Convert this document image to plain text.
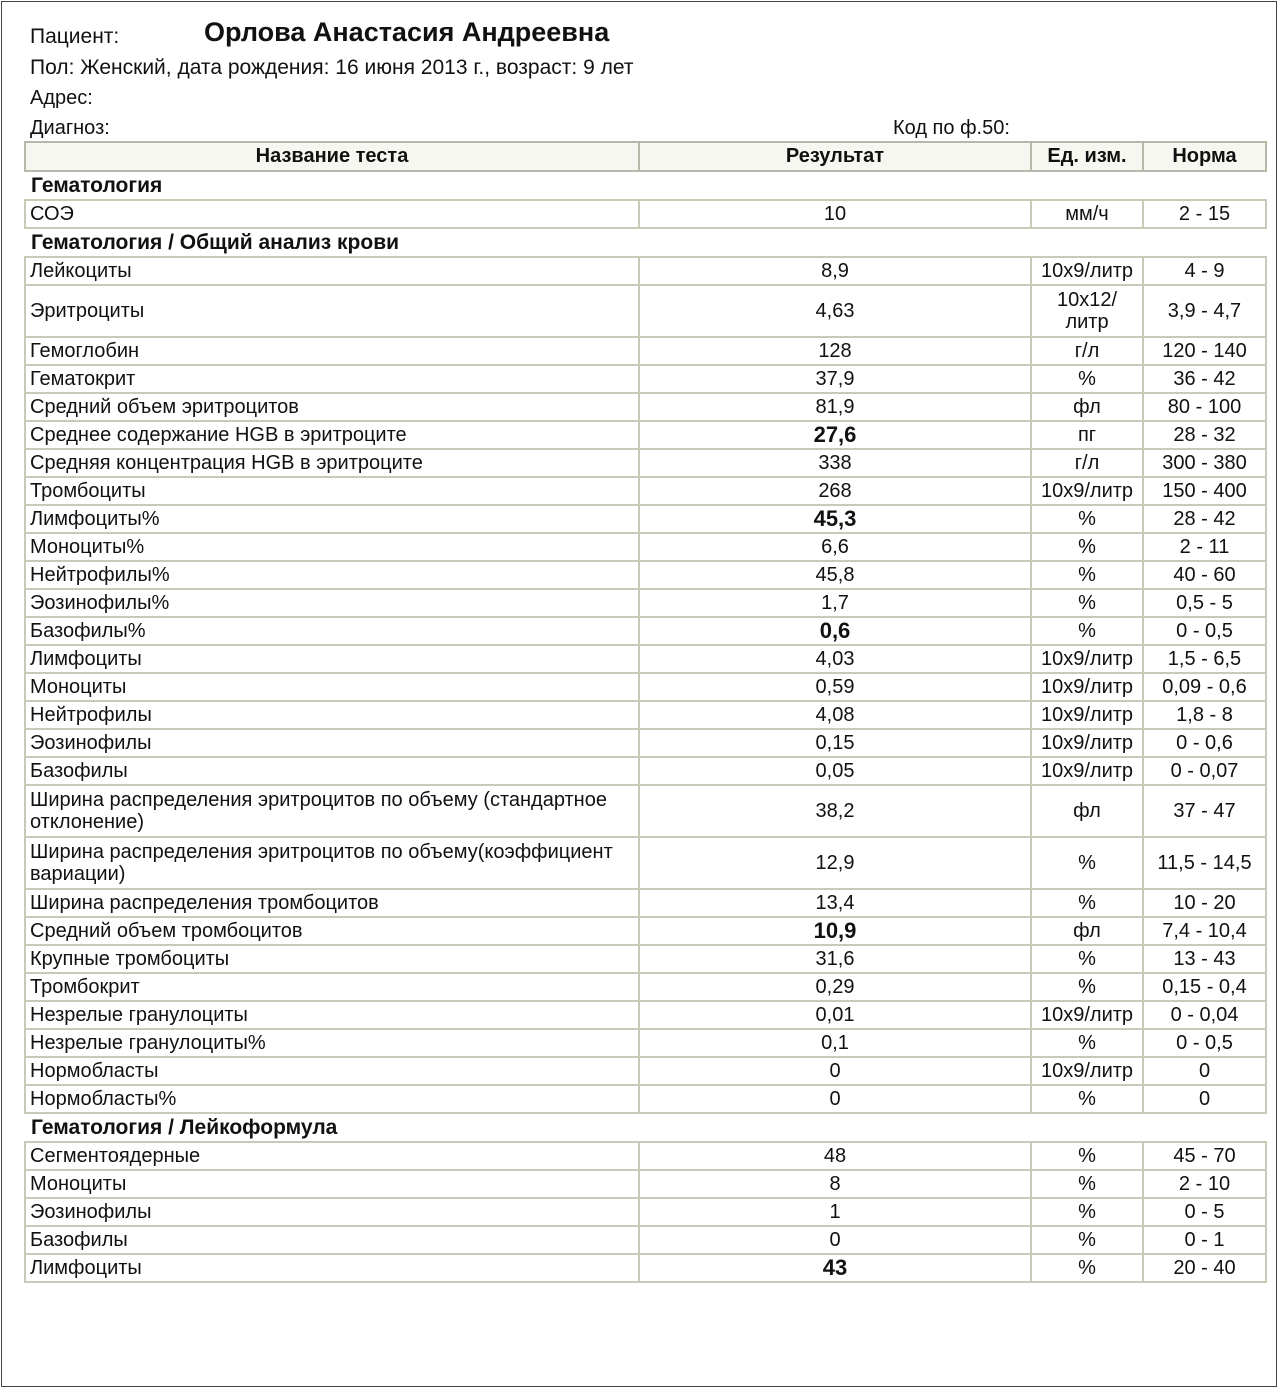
Пациент:	Орлова Анастасия Андреевна
Пол: Женский, дата рождения: 16 июня 2013 г., возраст: 9 лет
Адрес:
Диагноз:	Код по ф.50:
Название теста	Результат	Ед. изм.	Норма
Гематология			
СОЭ	10	мм/ч	2 - 15
Гематология / Общий анализ крови			
Лейкоциты	8,9	10х9/литр	4 - 9
Эритроциты	4,63	10х12/литр	3,9 - 4,7
Гемоглобин	128	г/л	120 - 140
Гематокрит	37,9	%	36 - 42
Средний объем эритроцитов	81,9	фл	80 - 100
Среднее содержание HGB в эритроците	27,6	пг	28 - 32
Средняя концентрация HGB в эритроците	338	г/л	300 - 380
Тромбоциты	268	10х9/литр	150 - 400
Лимфоциты%	45,3	%	28 - 42
Моноциты%	6,6	%	2 - 11
Нейтрофилы%	45,8	%	40 - 60
Эозинофилы%	1,7	%	0,5 - 5
Базофилы%	0,6	%	0 - 0,5
Лимфоциты	4,03	10х9/литр	1,5 - 6,5
Моноциты	0,59	10х9/литр	0,09 - 0,6
Нейтрофилы	4,08	10х9/литр	1,8 - 8
Эозинофилы	0,15	10х9/литр	0 - 0,6
Базофилы	0,05	10х9/литр	0 - 0,07
Ширина распределения эритроцитов по объему (стандартное отклонение)	38,2	фл	37 - 47
Ширина распределения эритроцитов по объему(коэффициент вариации)	12,9	%	11,5 - 14,5
Ширина распределения тромбоцитов	13,4	%	10 - 20
Средний объем тромбоцитов	10,9	фл	7,4 - 10,4
Крупные тромбоциты	31,6	%	13 - 43
Тромбокрит	0,29	%	0,15 - 0,4
Незрелые гранулоциты	0,01	10х9/литр	0 - 0,04
Незрелые гранулоциты%	0,1	%	0 - 0,5
Нормобласты	0	10х9/литр	0
Нормобласты%	0	%	0
Гематология / Лейкоформула			
Сегментоядерные	48	%	45 - 70
Моноциты	8	%	2 - 10
Эозинофилы	1	%	0 - 5
Базофилы	0	%	0 - 1
Лимфоциты	43	%	20 - 40
